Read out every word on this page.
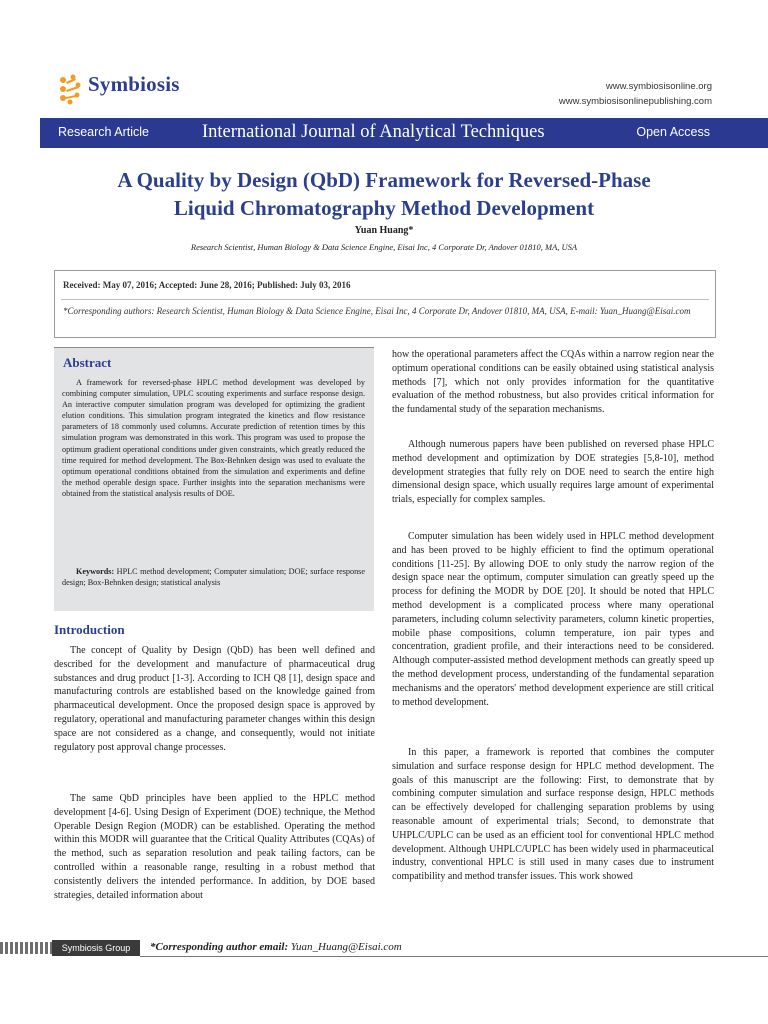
Symbiosis	www.symbiosisonline.org
www.symbiosisonlinepublishing.com
Research Article	International Journal of Analytical Techniques	Open Access
A Quality by Design (QbD) Framework for Reversed-Phase
Liquid Chromatography Method Development
Yuan Huang*
Research Scientist, Human Biology & Data Science Engine, Eisai Inc, 4 Corporate Dr, Andover 01810, MA, USA
Received: May 07, 2016; Accepted: June 28, 2016; Published: July 03, 2016
*Corresponding authors: Research Scientist, Human Biology & Data Science Engine, Eisai Inc, 4 Corporate Dr, Andover 01810, MA, USA, E-mail: Yuan_Huang@Eisai.com
Abstract
A framework for reversed-phase HPLC method development was developed by combining computer simulation, UPLC scouting experiments and surface response design. An interactive computer simulation program was developed for optimizing the gradient elution conditions. This simulation program integrated the kinetics and flow resistance parameters of 18 commonly used columns. Accurate prediction of retention times by this simulation program was demonstrated in this work. This program was used to propose the optimum gradient operational conditions under given constraints, which greatly reduced the time required for method development. The Box-Behnken design was used to evaluate the optimum operational conditions obtained from the simulation and experiments and define the method operable design space. Further insights into the separation mechanisms were obtained from the statistical analysis results of DOE.
Keywords: HPLC method development; Computer simulation; DOE; surface response design; Box-Behnken design; statistical analysis
Introduction

The concept of Quality by Design (QbD) has been well defined and described for the development and manufacture of pharmaceutical drug substances and drug product [1-3]. According to ICH Q8 [1], design space and manufacturing controls are established based on the knowledge gained from pharmaceutical development. Once the proposed design space is approved by regulatory, operational and manufacturing parameter changes within this design space are not considered as a change, and consequently, would not initiate regulatory post approval change processes.

The same QbD principles have been applied to the HPLC method development [4-6]. Using Design of Experiment (DOE) technique, the Method Operable Design Region (MODR) can be established. Operating the method within this MODR will guarantee that the Critical Quality Attributes (CQAs) of the method, such as separation resolution and peak tailing factors, can be controlled within a reasonable range, resulting in a robust method that consistently delivers the intended performance. In addition, by DOE based strategies, detailed information about

how the operational parameters affect the CQAs within a narrow region near the optimum operational conditions can be easily obtained using statistical analysis methods [7], which not only provides information for the quantitative evaluation of the method robustness, but also provides critical information for the fundamental study of the separation mechanisms.

Although numerous papers have been published on reversed phase HPLC method development and optimization by DOE strategies [5,8-10], method development strategies that fully rely on DOE need to search the entire high dimensional design space, which usually requires large amount of experimental trials, especially for complex samples.

Computer simulation has been widely used in HPLC method development and has been proved to be highly efficient to find the optimum operational conditions [11-25]. By allowing DOE to only study the narrow region of the design space near the optimum, computer simulation can greatly speed up the process for defining the MODR by DOE [20]. It should be noted that HPLC method development is a complicated process where many operational parameters, including column selectivity parameters, column kinetic properties, mobile phase compositions, column temperature, ion pair types and concentration, gradient profile, and their interactions need to be considered. Although computer-assisted method development methods can greatly speed up the method development process, understanding of the fundamental separation mechanisms and the operators' method development experience are still critical to method development.

In this paper, a framework is reported that combines the computer simulation and surface response design for HPLC method development. The goals of this manuscript are the following: First, to demonstrate that by combining computer simulation and surface response design, HPLC methods can be effectively developed for challenging separation problems by using reasonable amount of experimental trials; Second, to demonstrate that UHPLC/UPLC can be used as an efficient tool for conventional HPLC method development. Although UHPLC/UPLC has been widely used in pharmaceutical industry, conventional HPLC is still used in many cases due to instrument compatibility and method transfer issues. This work showed

Symbiosis Group	*Corresponding author email: Yuan_Huang@Eisai.com
